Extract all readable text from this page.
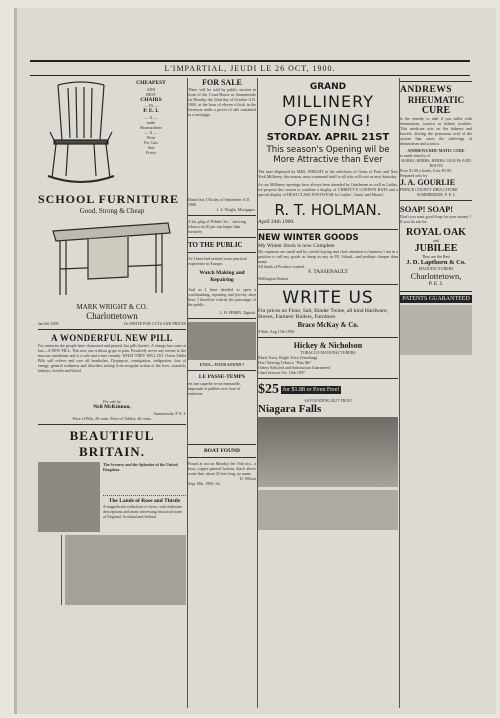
L'IMPARTIAL, JEUDI LE 26 OCT, 1900.
CHEAPEST
AND
BEST
CHAIRS
— IN —
P. E. I.
— X —
make
Sharmacherie
— X —
Write
For Cuts
And
Prices
SCHOOL FURNITURE
Good, Strong & Cheap
MARK WRIGHT & CO.
Charlottetown
Jan 6th 1899	Ds WRITE FOR CUTS AND PRICES
A WONDERFUL NEW PILL
For centuries the people have clamoured and prayed, but pills haven't. A change has come at last—A NEW PILL. This new one without gripe or pain. Positively never any torture to the mucous membrane and is a safe and a sure remedy. WHAT THEY WILL DO. Oxien Tablet Pills will relieve and cure all headaches, Dyspepsia, constipation, indigestion, loss of energy, general weakness and disorders arising from irregular action of the liver, stomach, kidneys, bowels and blood.
For sale by
Neil McKinnon,
Summerside, P. E. I.
Price of Pills, 20 cents. Price of Tablets, 40 cents.
BEAUTIFUL BRITAIN.
The Scenery and the Splendor of the United Kingdom.
The Lands of Rose and Thistle
A magnificent collection of views, with elaborate descriptions and many interesting historical notes of England, Scotland and Ireland.
FOR SALE
There will be sold by public auction in front of the Court-House in Summerside on Monday the 22nd day of October A.D. 1900, at the hour of eleven o'clock in the forenoon under a power of sale contained in a mortgage.
Dated this 17th day of September A.D. 1900.
J. S. Wright, Mortgagee.
A lot, plug of 'Pebble Tw...' chewing tobacco in 20 per can larger than formerly.
TO THE PUBLIC
As I have had several years practical experience in Europe,
Watch Making and Repairing
And as I have decided to open a watchmaking, repairing and jewelry shop here, I therefore solicite the patronage of the public.
L. B. PERRY, Tignish.
EYES—YOUR SOUND ?
LE PASSE-TEMPS
est une superbe revue mensuelle, imprimée et publiée avec luxe et renferme.
BOAT FOUND
Found at sea on Monday the 16th inst., a boat, copper painted bottom, black above water line, about 25 feet long, no name.
D. Wilson
Sept 19th, 1900.-3w
GRAND
MILLINERY
OPENING!
STORDAY. APRIL 21ST
This season's Opening wil be More Attractive than Ever
The taste displayed by MRS. WRIGHT in the selections of Gems of Paris and New York Millinery, this season, must commend itself to all who will visit us next Saturday.
As our Millinery openings have always been attended by Gentlemen as well as Ladies, we propose this season to combine a display of CHRISTY'S LONDON HATS and a special display of HIGH CLASS FOOTWEAR for Ladies', Gents' and Misses'.
R. T. HOLMAN.
April 24th 1900.
NEW WINTER GOODS
My Winter Stock is now Complete
My expenses are small and by careful buying and close attention to business I am in a position to sell my goods as cheap as any in P.E. Island—and perhaps cheaper than many.
All kinds of Produce wanted.
F. TASSENAULT
Wellington Station.
WRITE US
For prices on Flour, Salt, Binder Twine, all kind Hardware, Stoves, Farmers' Boilers, Furniture.
Brace McKay & Co.
S'Side, Aug 15th 1900.
Hickey & Nicholson
TOBACCO MANUFACTURERS
Black Twist, Bright Twist (Smoking)
Flat Chewing Tobacco "Hiss Me"
Orders Solicited and Satisfaction Guaranteed
Charl ttetown Oct. 14th 1897.
$25 for $1.88 or Even Free!
ASTOUNDING BUT TRUE!
Niagara Falls
ANDREWS
RHEUMATIC
CURE
Is the remedy to take if you suffer with rheumatism, sciatica or kidney troubles. This medicine acts on the kidneys and bowels, driving the poisonous acid of the system that cause the sufferings of rheumatism and sciatica.
ANDREWS RHU MATIC CURE
is made entirely of
BARKS, HERBS, HERBS, LEAVES AND ROOTS
Price $1.00 a bottle, 6 for $5.00.
Prepared only by
J. A. GOURLIE
PRINCE COUNTY DRUG STORE
SUMMERSIDE, P. E. I.
SOAP! SOAP!
Don't you want good Soap for your money ?
If you do ask for
ROYAL OAK
and
JUBILEE
They are the Best
J. D. Lapthorn & Co.
MANUFACTURERS
Charlottetown,
P. E. I.
PATENTS GUARANTEED
